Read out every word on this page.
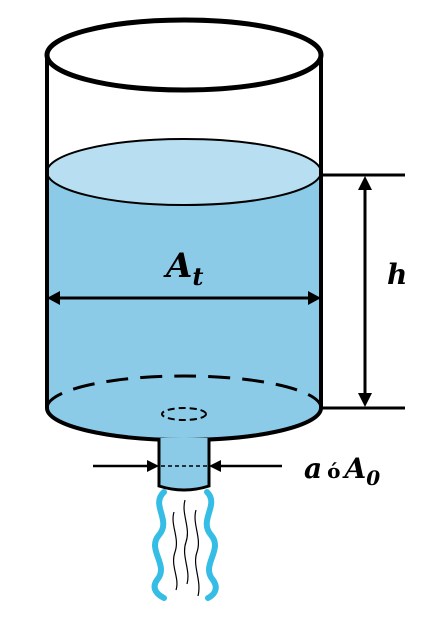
$A_t$	h
a ό $A_0$
